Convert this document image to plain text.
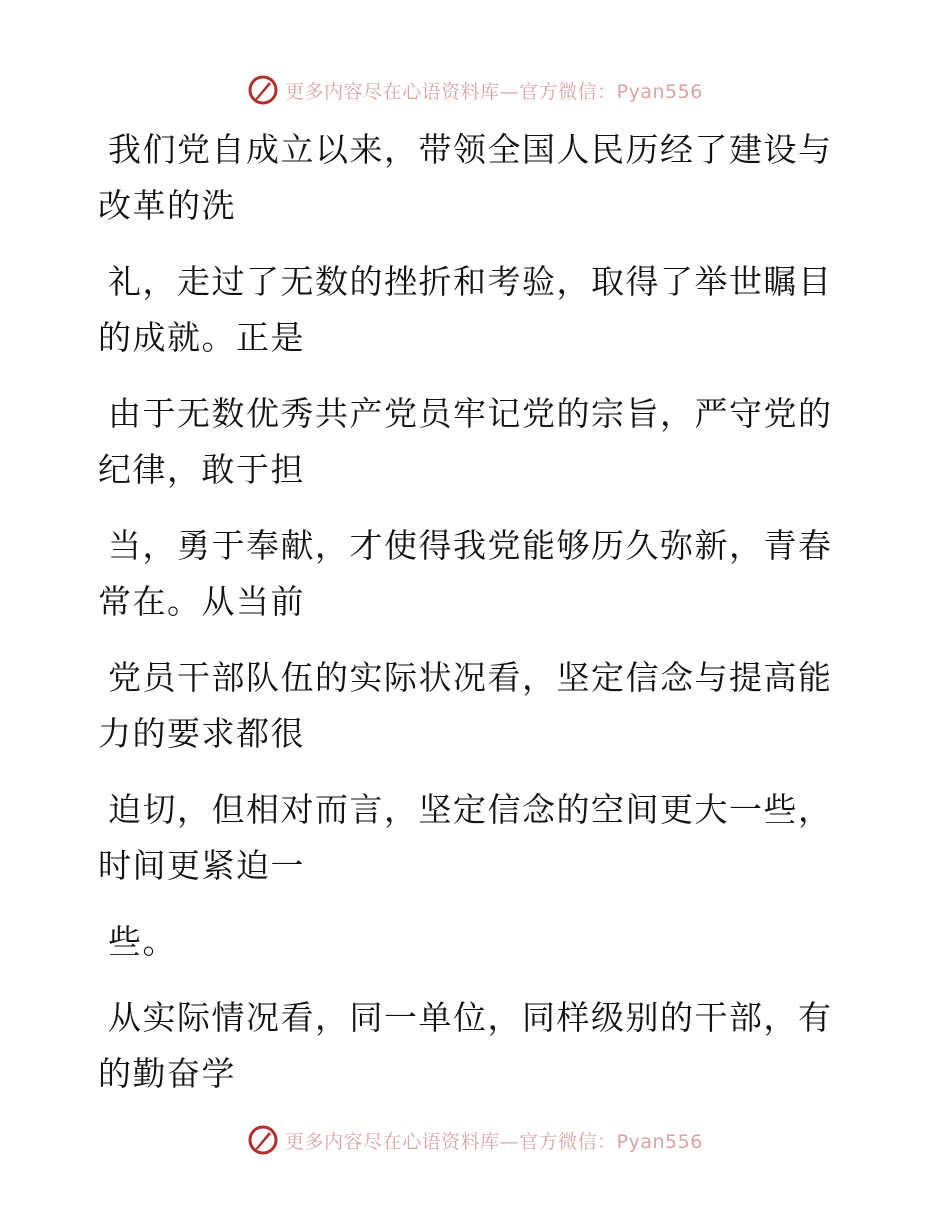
更多内容尽在心语资料库—官方微信：Pyan556
我们党自成立以来，带领全国人民历经了建设与
改革的洗
礼，走过了无数的挫折和考验，取得了举世瞩目
的成就。正是
由于无数优秀共产党员牢记党的宗旨，严守党的
纪律，敢于担
当，勇于奉献，才使得我党能够历久弥新，青春
常在。从当前
党员干部队伍的实际状况看，坚定信念与提高能
力的要求都很
迫切，但相对而言，坚定信念的空间更大一些，
时间更紧迫一
些。
从实际情况看，同一单位，同样级别的干部，有
的勤奋学
更多内容尽在心语资料库—官方微信：Pyan556
